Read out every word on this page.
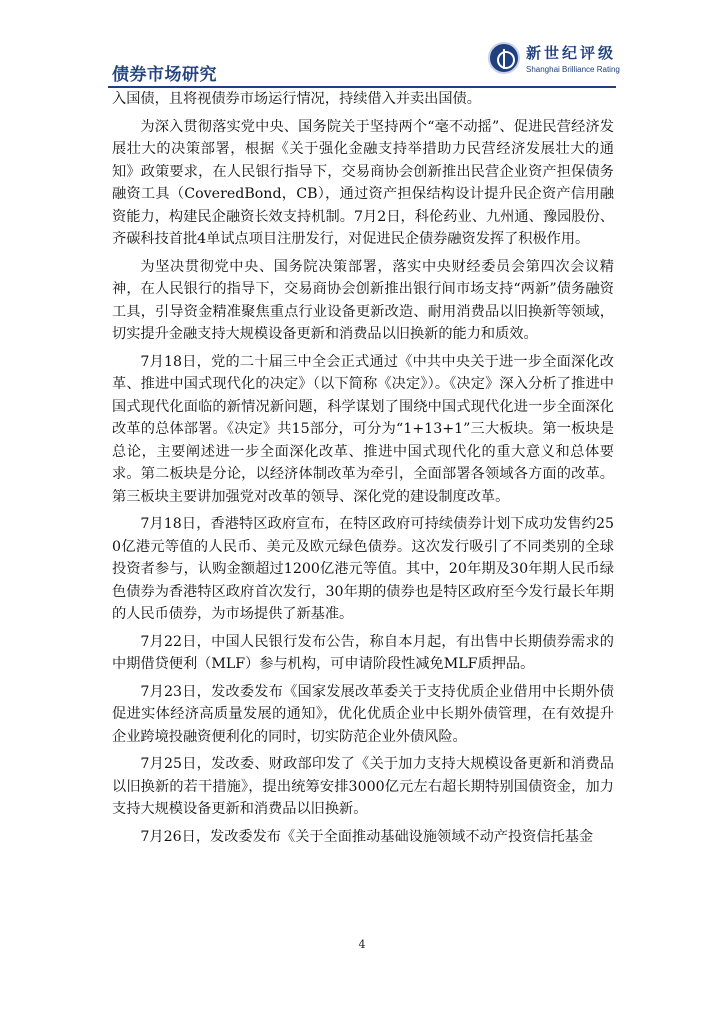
债券市场研究
新世纪评级
Shanghai Brilliance Rating

入国债，且将视债券市场运行情况，持续借入并卖出国债。

为深入贯彻落实党中央、国务院关于坚持两个“毫不动摇”、促进民营经济发展壮大的决策部署，根据《关于强化金融支持举措助力民营经济发展壮大的通知》政策要求，在人民银行指导下，交易商协会创新推出民营企业资产担保债务融资工具（CoveredBond，CB），通过资产担保结构设计提升民企资产信用融资能力，构建民企融资长效支持机制。7月2日，科伦药业、九州通、豫园股份、齐碳科技首批4单试点项目注册发行，对促进民企债券融资发挥了积极作用。

为坚决贯彻党中央、国务院决策部署，落实中央财经委员会第四次会议精神，在人民银行的指导下，交易商协会创新推出银行间市场支持“两新”债务融资工具，引导资金精准聚焦重点行业设备更新改造、耐用消费品以旧换新等领域，切实提升金融支持大规模设备更新和消费品以旧换新的能力和质效。

7月18日，党的二十届三中全会正式通过《中共中央关于进一步全面深化改革、推进中国式现代化的决定》（以下简称《决定》）。《决定》深入分析了推进中国式现代化面临的新情况新问题，科学谋划了围绕中国式现代化进一步全面深化改革的总体部署。《决定》共15部分，可分为“1+13+1”三大板块。第一板块是总论，主要阐述进一步全面深化改革、推进中国式现代化的重大意义和总体要求。第二板块是分论，以经济体制改革为牵引，全面部署各领域各方面的改革。第三板块主要讲加强党对改革的领导、深化党的建设制度改革。

7月18日，香港特区政府宣布，在特区政府可持续债券计划下成功发售约250亿港元等值的人民币、美元及欧元绿色债券。这次发行吸引了不同类别的全球投资者参与，认购金额超过1200亿港元等值。其中，20年期及30年期人民币绿色债券为香港特区政府首次发行，30年期的债券也是特区政府至今发行最长年期的人民币债券，为市场提供了新基准。

7月22日，中国人民银行发布公告，称自本月起，有出售中长期债券需求的中期借贷便利（MLF）参与机构，可申请阶段性减免MLF质押品。

7月23日，发改委发布《国家发展改革委关于支持优质企业借用中长期外债促进实体经济高质量发展的通知》，优化优质企业中长期外债管理，在有效提升企业跨境投融资便利化的同时，切实防范企业外债风险。

7月25日，发改委、财政部印发了《关于加力支持大规模设备更新和消费品以旧换新的若干措施》，提出统筹安排3000亿元左右超长期特别国债资金，加力支持大规模设备更新和消费品以旧换新。

7月26日，发改委发布《关于全面推动基础设施领域不动产投资信托基金

4
